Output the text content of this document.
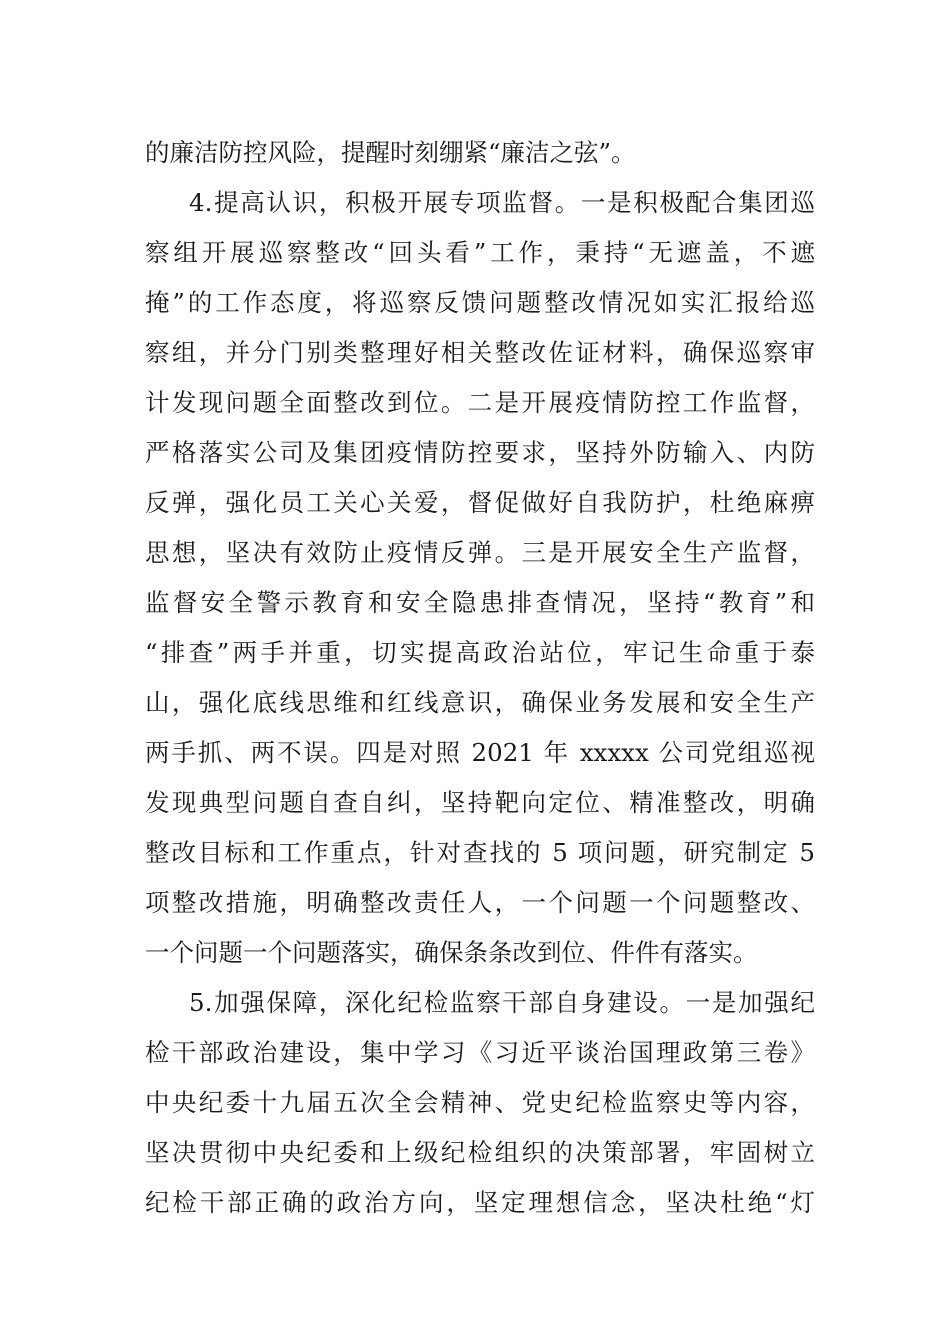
的廉洁防控风险，提醒时刻绷紧“廉洁之弦”。
4.提高认识，积极开展专项监督。一是积极配合集团巡
察组开展巡察整改“回头看”工作，秉持“无遮盖，不遮
掩”的工作态度，将巡察反馈问题整改情况如实汇报给巡
察组，并分门别类整理好相关整改佐证材料，确保巡察审
计发现问题全面整改到位。二是开展疫情防控工作监督，
严格落实公司及集团疫情防控要求，坚持外防输入、内防
反弹，强化员工关心关爱，督促做好自我防护，杜绝麻痹
思想，坚决有效防止疫情反弹。三是开展安全生产监督，
监督安全警示教育和安全隐患排查情况，坚持“教育”和
“排查”两手并重，切实提高政治站位，牢记生命重于泰
山，强化底线思维和红线意识，确保业务发展和安全生产
两手抓、两不误。四是对照 2021 年 xxxxx 公司党组巡视
发现典型问题自查自纠，坚持靶向定位、精准整改，明确
整改目标和工作重点，针对查找的 5 项问题，研究制定 5
项整改措施，明确整改责任人，一个问题一个问题整改、
一个问题一个问题落实，确保条条改到位、件件有落实。
5.加强保障，深化纪检监察干部自身建设。一是加强纪
检干部政治建设，集中学习《习近平谈治国理政第三卷》
中央纪委十九届五次全会精神、党史纪检监察史等内容，
坚决贯彻中央纪委和上级纪检组织的决策部署，牢固树立
纪检干部正确的政治方向，坚定理想信念，坚决杜绝“灯
